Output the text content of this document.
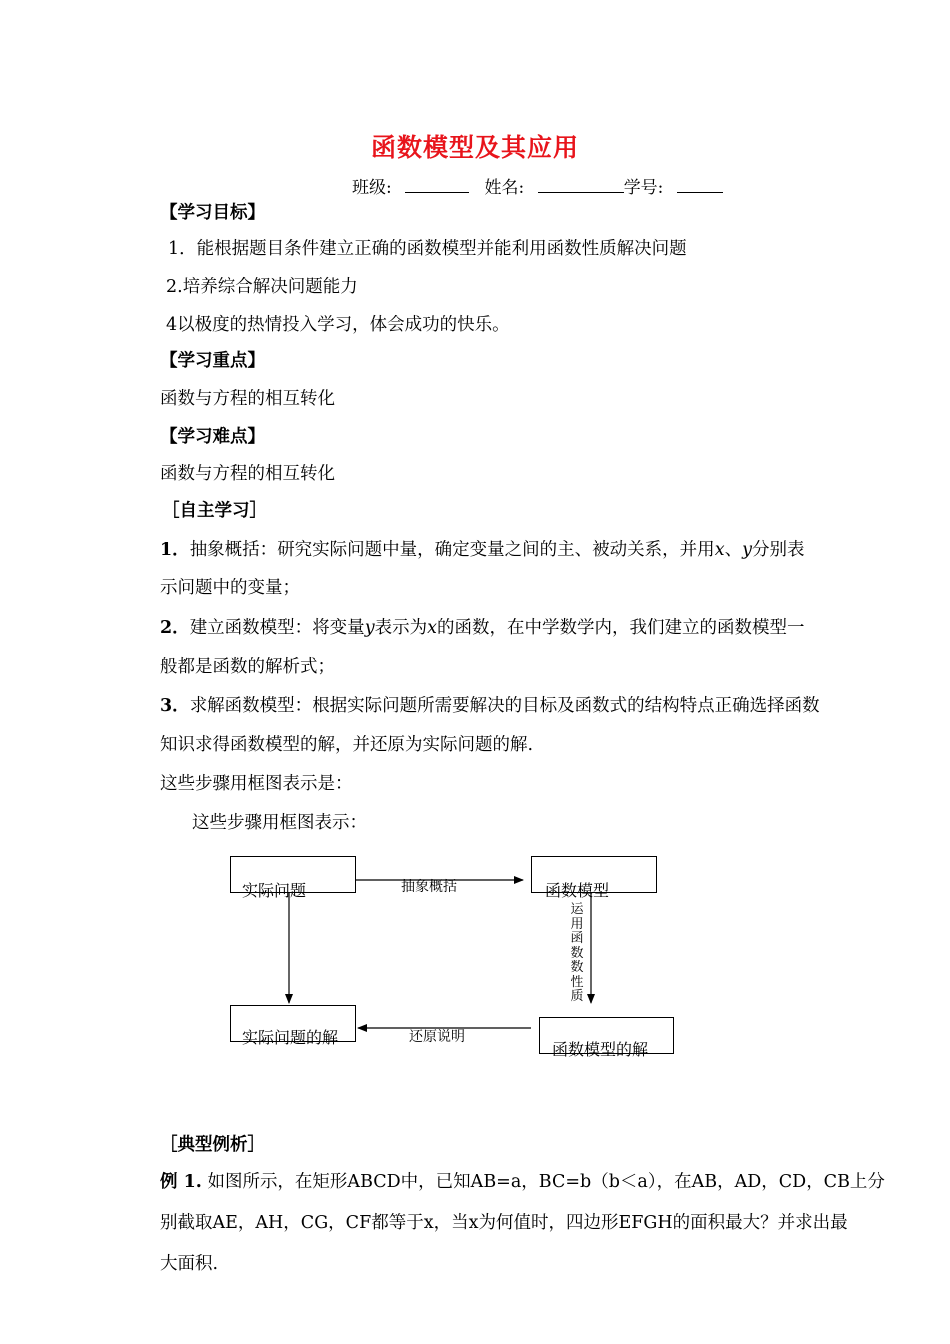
函数模型及其应用
班级:	姓名:	学号:
【学习目标】
1．能根据题目条件建立正确的函数模型并能利用函数性质解决问题
2.培养综合解决问题能力
4以极度的热情投入学习，体会成功的快乐。
【学习重点】
函数与方程的相互转化
【学习难点】
函数与方程的相互转化
［自主学习］
1．抽象概括：研究实际问题中量，确定变量之间的主、被动关系，并用x、y分别表
示问题中的变量；
2．建立函数模型：将变量y表示为x的函数，在中学数学内，我们建立的函数模型一
般都是函数的解析式；
3．求解函数模型：根据实际问题所需要解决的目标及函数式的结构特点正确选择函数
知识求得函数模型的解，并还原为实际问题的解.
这些步骤用框图表示是：
这些步骤用框图表示：
实际问题	函数模型
实际问题的解
函数模型的解
抽象概括
运用函数数性质
还原说明
［典型例析］
例 1. 如图所示，在矩形ABCD中，已知AB=a，BC=b（b＜a），在AB，AD，CD，CB上分
别截取AE，AH，CG，CF都等于x，当x为何值时，四边形EFGH的面积最大？并求出最
大面积.
